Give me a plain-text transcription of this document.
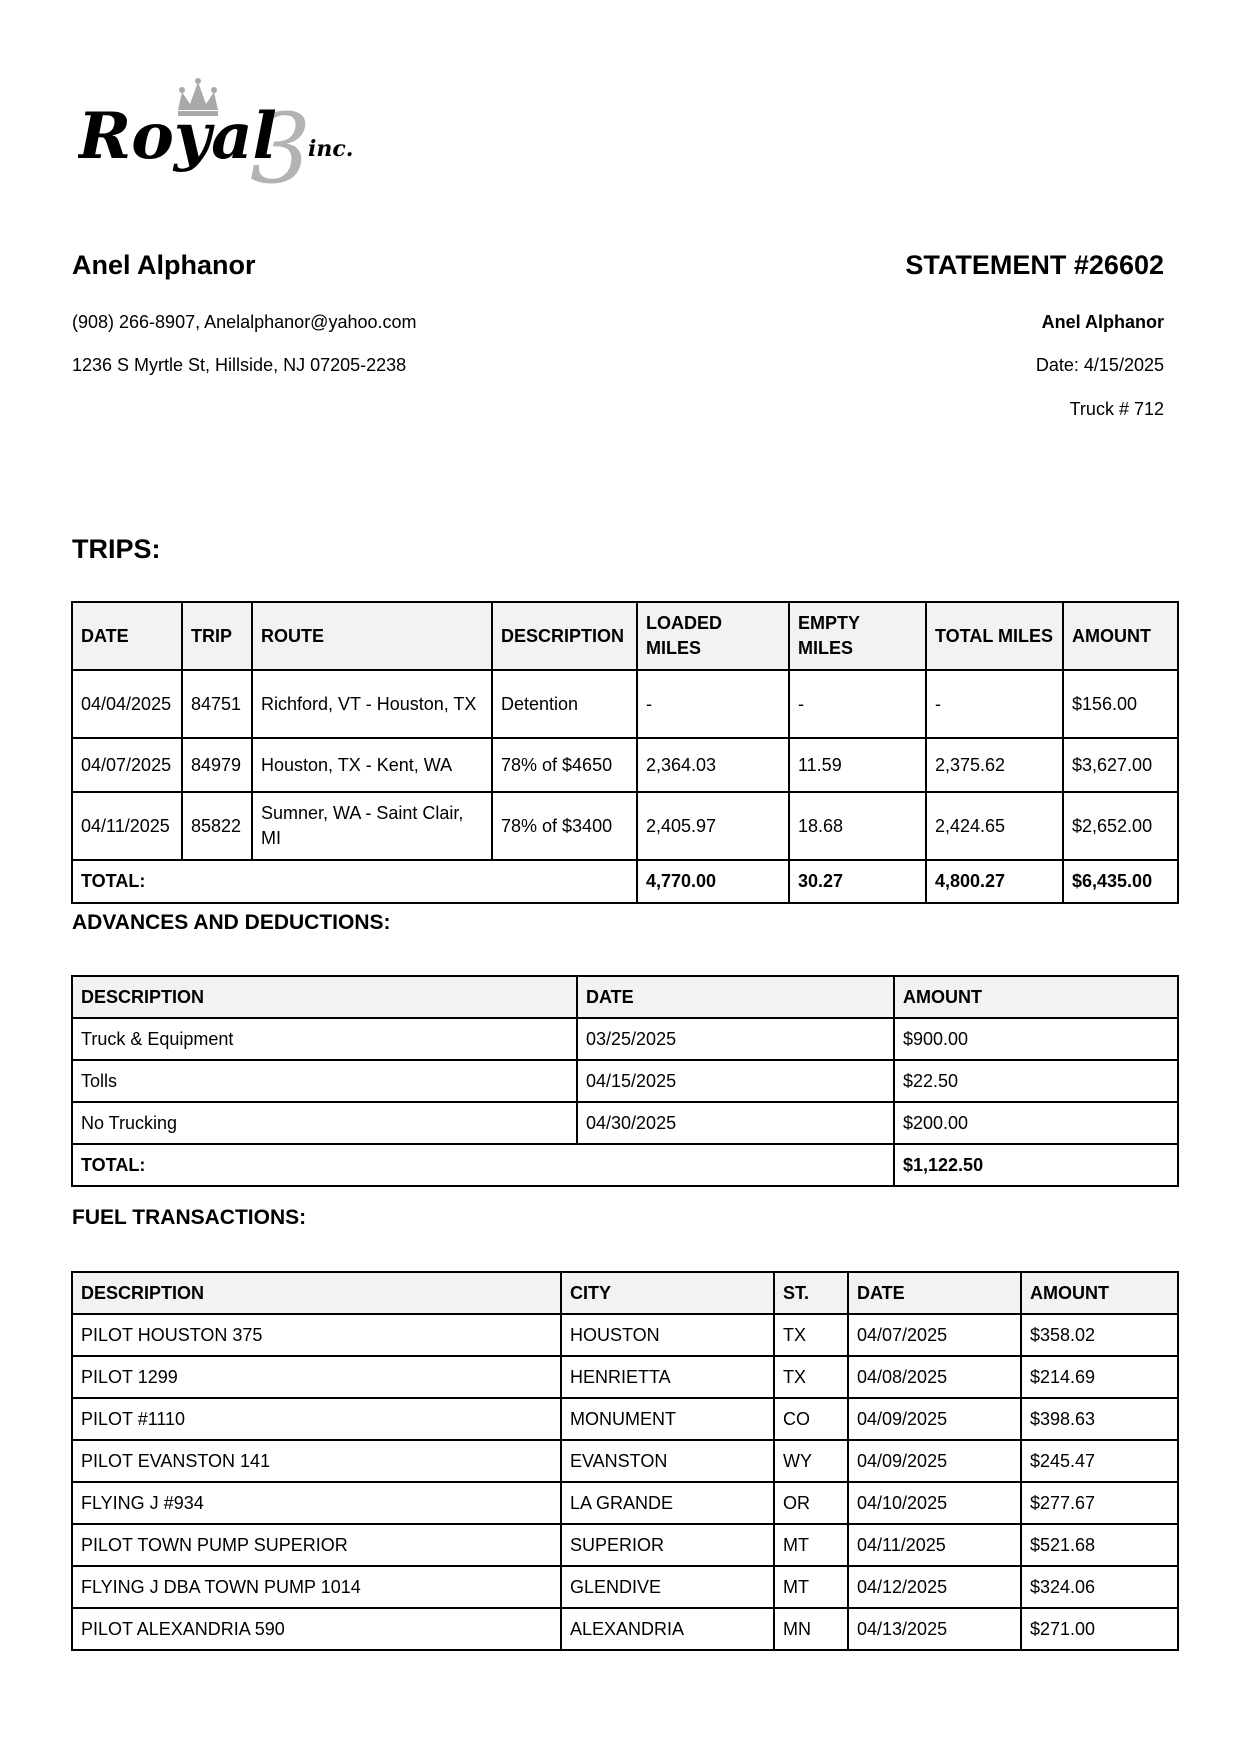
3
Royal inc.
Anel Alphanor
(908) 266-8907, Anelalphanor@yahoo.com
1236 S Myrtle St, Hillside, NJ 07205-2238
STATEMENT #26602
Anel Alphanor
Date: 4/15/2025
Truck # 712
TRIPS:
DATE	TRIP	ROUTE	DESCRIPTION	LOADED MILES	EMPTY MILES	TOTAL MILES	AMOUNT
04/04/2025	84751	Richford, VT - Houston, TX	Detention	-	-	-	$156.00
04/07/2025	84979	Houston, TX - Kent, WA	78% of $4650	2,364.03	11.59	2,375.62	$3,627.00
04/11/2025	85822	Sumner, WA - Saint Clair, MI	78% of $3400	2,405.97	18.68	2,424.65	$2,652.00
TOTAL:				4,770.00	30.27	4,800.27	$6,435.00
ADVANCES AND DEDUCTIONS:
DESCRIPTION	DATE	AMOUNT
Truck & Equipment	03/25/2025	$900.00
Tolls	04/15/2025	$22.50
No Trucking	04/30/2025	$200.00
TOTAL:		$1,122.50
FUEL TRANSACTIONS:
DESCRIPTION	CITY	ST.	DATE	AMOUNT
PILOT HOUSTON 375	HOUSTON	TX	04/07/2025	$358.02
PILOT 1299	HENRIETTA	TX	04/08/2025	$214.69
PILOT #1110	MONUMENT	CO	04/09/2025	$398.63
PILOT EVANSTON 141	EVANSTON	WY	04/09/2025	$245.47
FLYING J #934	LA GRANDE	OR	04/10/2025	$277.67
PILOT TOWN PUMP SUPERIOR	SUPERIOR	MT	04/11/2025	$521.68
FLYING J DBA TOWN PUMP 1014	GLENDIVE	MT	04/12/2025	$324.06
PILOT ALEXANDRIA 590	ALEXANDRIA	MN	04/13/2025	$271.00
